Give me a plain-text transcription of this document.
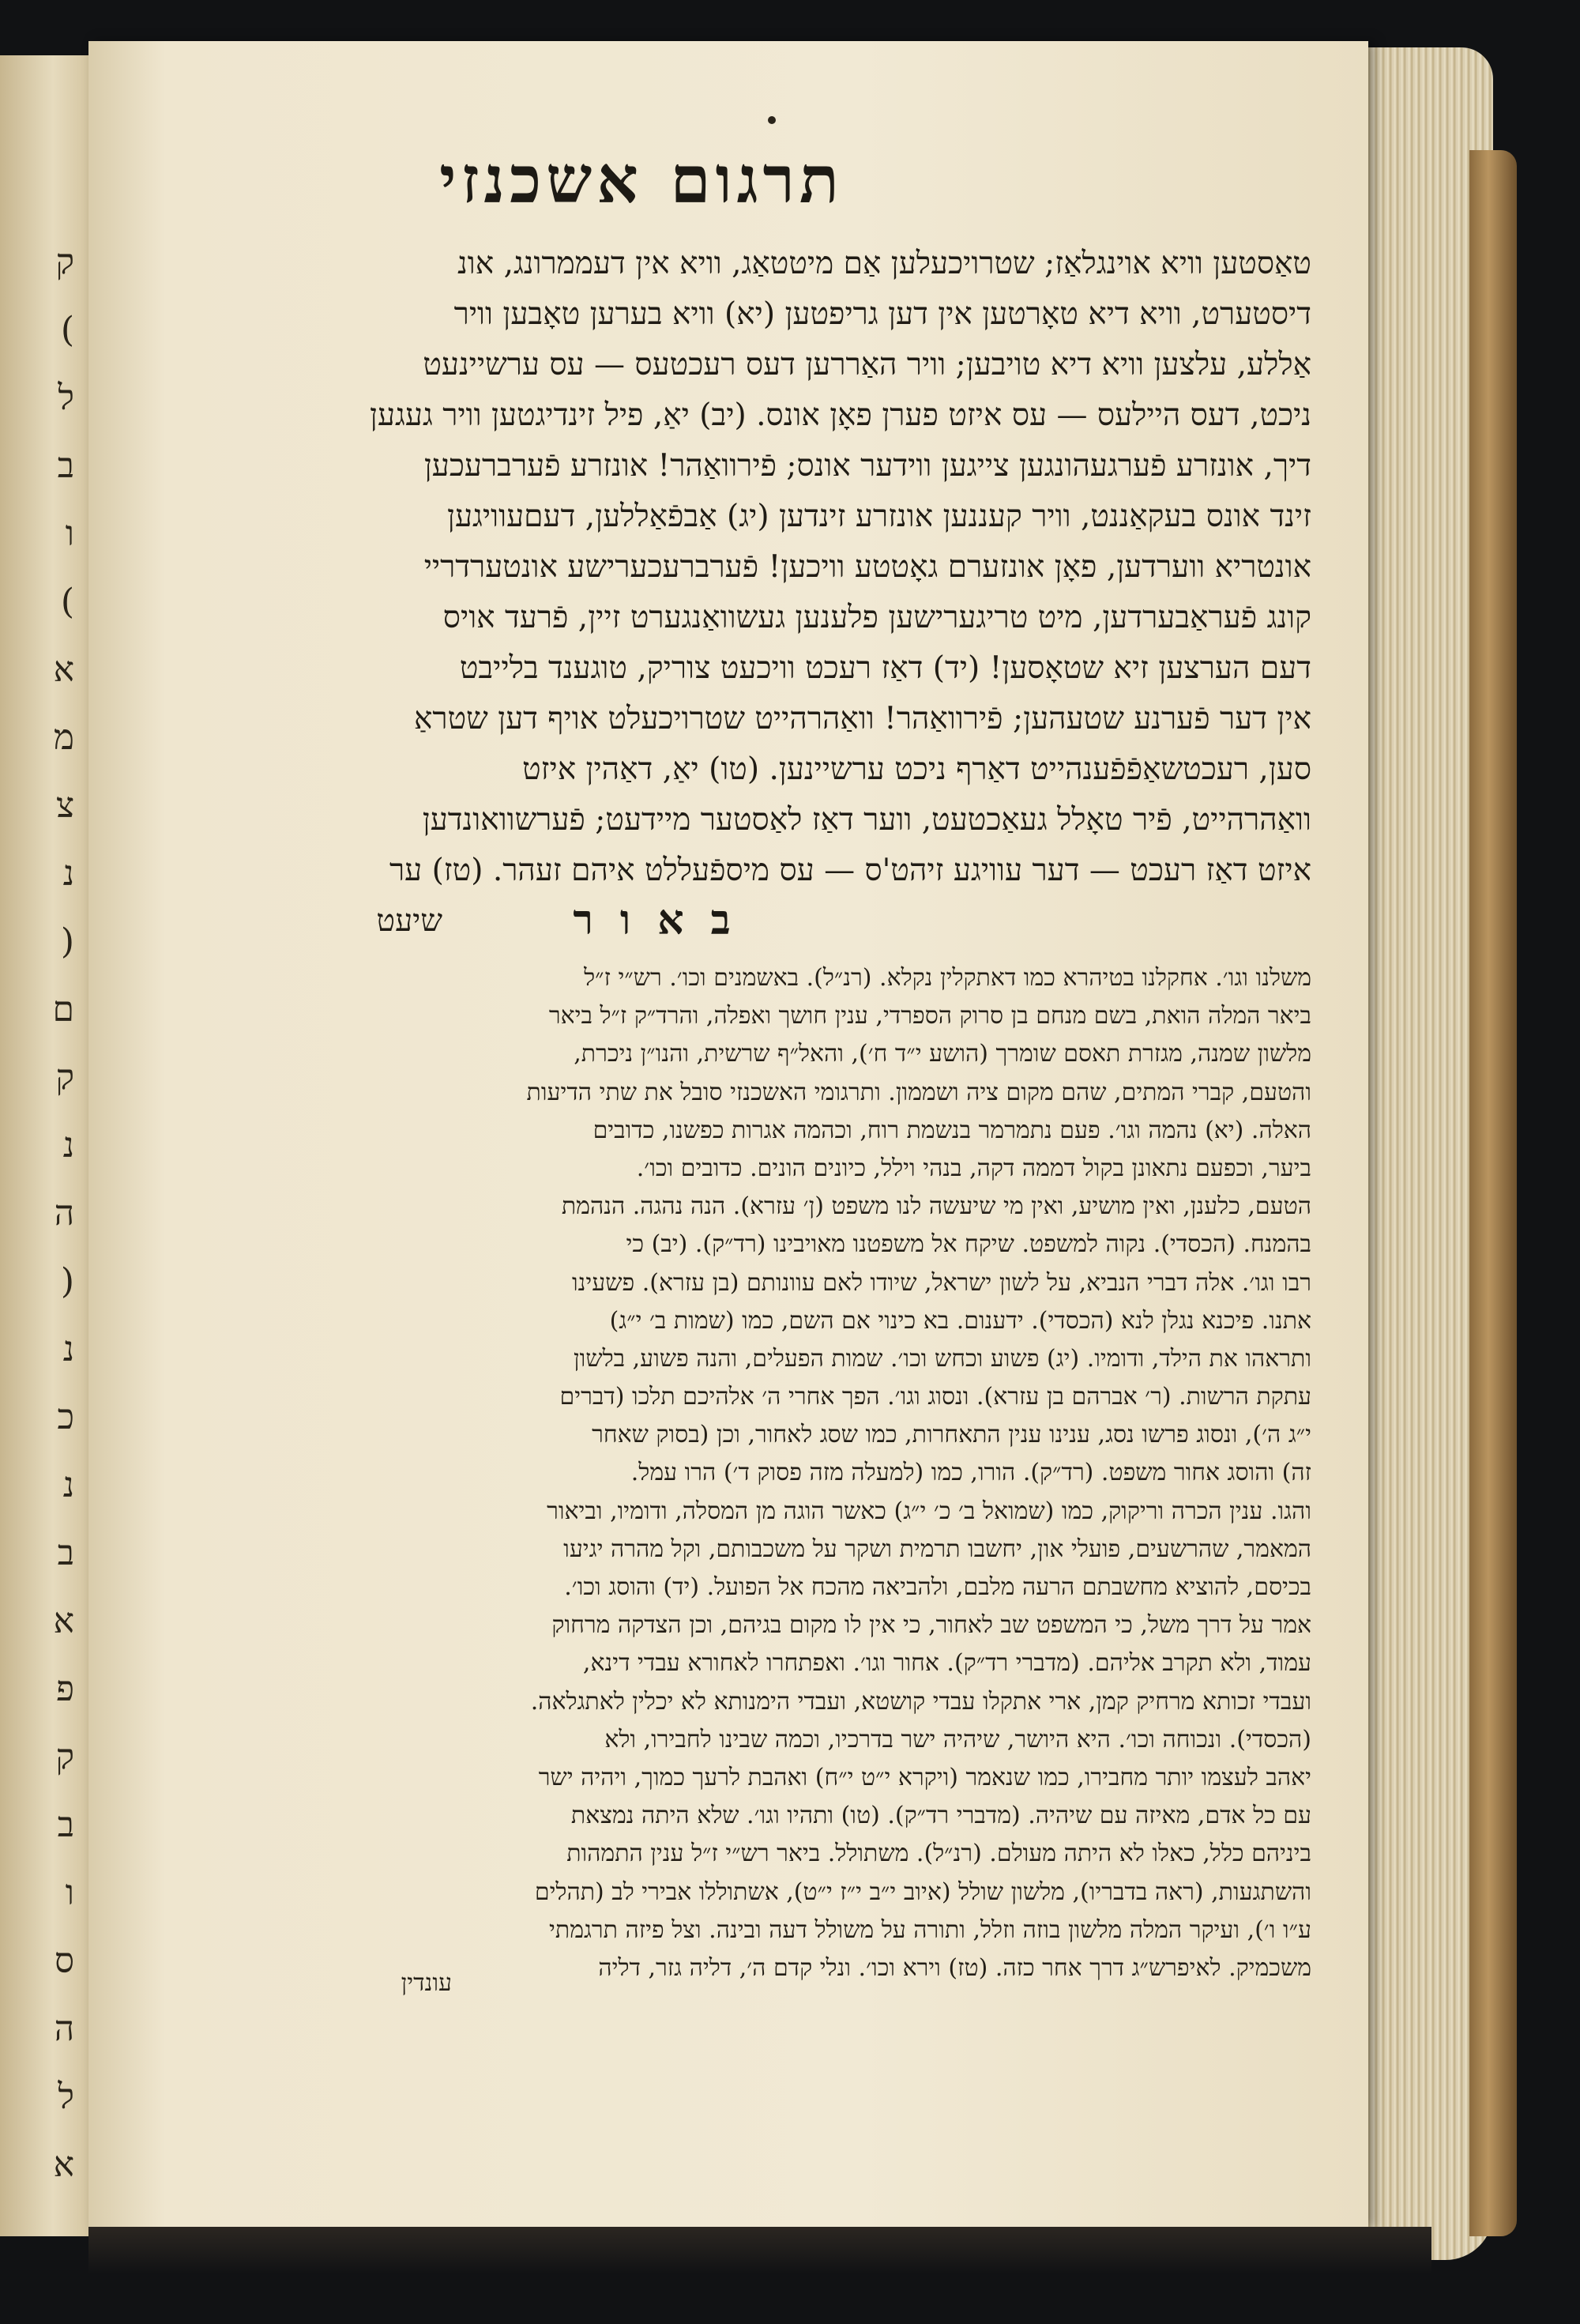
ק
)
ל
ב
ו
)
א
מ
צ
נ
(
ם
ק
נ
ה
(
נ
כ
נ
ב
א
פ
ק
ב
ו
ס
ה
ל
א
תרגום אשכנזי
טאַסטען וויא אוינגלאַז; שטרויכעלען אַם מיטטאַג, וויא אין דעממרונג, אונ
דיסטערט, וויא דיא טאָרטען אין דען גריפטען (יא) וויא בערען טאָבען וויר
אַללע, עלצען וויא דיא טויבען; וויר האַררען דעס רעכטעס — עס ערשיינעט
ניכט, דעס היילעס — עס איזט פערן פאָן אונס. (יב) יאַ, פיל זינדיגטען וויר געגען
דיך, אונזרע פֿערגעהונגען צייגען ווידער אונס; פֿירוואַהר! אונזרע פֿערברעכען
זינד אונס בעקאַננט, וויר קעננען אונזרע זינדען (יג) אַבפֿאַללען, דעםעוויגען
אונטריא ווערדען, פאָן אונזערם גאָטטע וויכען! פֿערברעכערישע אונטערדריי
קונג פֿעראַבערדען, מיט טריגערישען פלענען געשוואַנגערט זיין, פֿרעד אויס
דעם הערצען זיא שטאָסען! (יד) דאַז רעכט וויכעט צוריק, טוגענד בלייבט
אין דער פֿערנע שטעהען; פֿירוואַהר! וואַהרהייט שטרויכעלט אויף דען שטראַ
סען, רעכטשאַפֿפֿענהייט דאַרף ניכט ערשיינען. (טו) יאַ, דאַהין איזט
וואַהרהייט, פֿיר טאָלל געאַכטעט, ווער דאַז לאַסטער מיידעט; פֿערשוואונדען
איזט דאַז רעכט — דער עוויגע זיהט'ס — עס מיספֿעללט איהם זעהר. (טז) ער
שיעט	באור
משלנו וגו׳. אחקלנו בטיהרא כמו דאתקלין נקלא. (רנ״ל). באשמנים וכו׳. רש״י ז״ל
ביאר המלה הואת, בשם מנחם בן סרוק הספרדי, ענין חושך ואפלה, והרד״ק ז״ל ביאר
מלשון שמנה, מגזרת תאסם שומרך (הושע י״ד ח׳), והאל״ף שרשית, והנו״ן ניכרת,
והטעם, קברי המתים, שהם מקום ציה ושממון. ותרגומי האשכנזי סובל את שתי הדיעות
האלה. (יא) נהמה וגו׳. פעם נתמרמר בנשמת רוח, וכהמה אגרות כפשנו, כדובים
ביער, וכפעם נתאונן בקול דממה דקה, בנהי וילל, כיונים הונים. כדובים וכו׳.
הטעם, כלענן, ואין מושיע, ואין מי שיעשה לנו משפט (ן׳ עזרא). הנה נהגה. הנהמת
בהמנח. (הכסדי). נקוה למשפט. שיקח אל משפטנו מאויבינו (רד״ק). (יב) כי
רבו וגו׳. אלה דברי הנביא, על לשון ישראל, שיודו לאם עוונותם (בן עזרא). פשעינו
אתנו. פיכנא נגלן לנא (הכסדי). ידענום. בא כינוי אם השם, כמו (שמות ב׳ י״ג)
ותראהו את הילד, ודומיו. (יג) פשוע וכחש וכו׳. שמות הפעלים, והנה פשוע, בלשון
עתקת הרשות. (ר׳ אברהם בן עזרא). ונסוג וגו׳. הפך אחרי ה׳ אלהיכם תלכו (דברים
י״ג ה׳), ונסוג פרשו נסג, ענינו ענין התאחרות, כמו שסג לאחור, וכן (בסוק שאחר
זה) והוסג אחור משפט. (רד״ק). הורו, כמו (למעלה מזה פסוק ד׳) הרו עמל.
והגו. ענין הכרה וריקוק, כמו (שמואל ב׳ כ׳ י״ג) כאשר הוגה מן המסלה, ודומיו, וביאור
המאמר, שהרשעים, פועלי און, יחשבו תרמית ושקר על משכבותם, וקל מהרה יגיעו
בכיסם, להוציא מחשבתם הרעה מלבם, ולהביאה מהכח אל הפועל. (יד) והוסג וכו׳.
אמר על דרך משל, כי המשפט שב לאחור, כי אין לו מקום בגיהם, וכן הצדקה מרחוק
עמוד, ולא תקרב אליהם. (מדברי רד״ק). אחור וגו׳. ואפתחרו לאחורא עבדי דינא,
ועבדי זכותא מרחיק קמן, ארי אתקלו עבדי קושטא, ועבדי הימנותא לא יכלין לאתגלאה.
(הכסדי). ונכוחה וכו׳. היא היושר, שיהיה ישר בדרכיו, וכמה שבינו לחבירו, ולא
יאהב לעצמו יותר מחבירו, כמו שנאמר (ויקרא י״ט י״ח) ואהבת לרעך כמוך, ויהיה ישר
עם כל אדם, מאיזה עם שיהיה. (מדברי רד״ק). (טו) ותהיו וגו׳. שלא היתה נמצאת
ביניהם כלל, כאלו לא היתה מעולם. (רנ״ל). משתולל. ביאר רש״י ז״ל ענין התמהות
והשתגעות, (ראה בדבריו), מלשון שולל (איוב י״ב י״ז י״ט), אשתוללו אבירי לב (תהלים
ע״ו ו׳), ועיקר המלה מלשון בוזה וזלל, ותורה על משולל דעה ובינה. וצל פיזה תרגמתי
משכמיק. לאיפרש״ג דרך אחר כזה. (טז) וירא וכו׳. ונלי קדם ה׳, דליה גזר, דליה
עונדין
